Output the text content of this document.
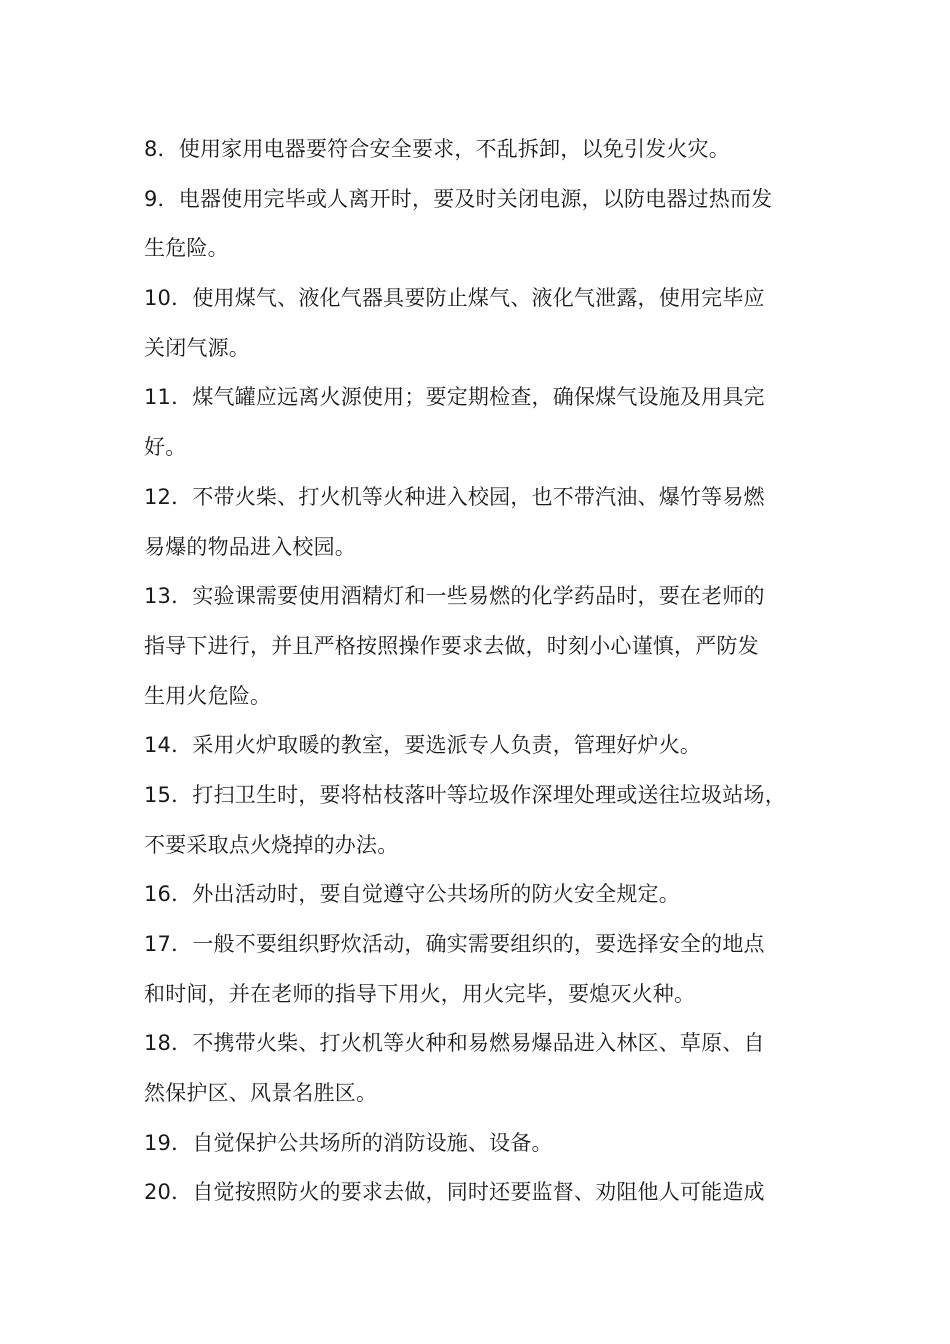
8．使用家用电器要符合安全要求，不乱拆卸，以免引发火灾。
9．电器使用完毕或人离开时，要及时关闭电源，以防电器过热而发
生危险。
10．使用煤气、液化气器具要防止煤气、液化气泄露，使用完毕应
关闭气源。
11．煤气罐应远离火源使用；要定期检查，确保煤气设施及用具完
好。
12．不带火柴、打火机等火种进入校园，也不带汽油、爆竹等易燃
易爆的物品进入校园。
13．实验课需要使用酒精灯和一些易燃的化学药品时，要在老师的
指导下进行，并且严格按照操作要求去做，时刻小心谨慎，严防发
生用火危险。
14．采用火炉取暖的教室，要选派专人负责，管理好炉火。
15．打扫卫生时，要将枯枝落叶等垃圾作深埋处理或送往垃圾站场，
不要采取点火烧掉的办法。
16．外出活动时，要自觉遵守公共场所的防火安全规定。
17．一般不要组织野炊活动，确实需要组织的，要选择安全的地点
和时间，并在老师的指导下用火，用火完毕，要熄灭火种。
18．不携带火柴、打火机等火种和易燃易爆品进入林区、草原、自
然保护区、风景名胜区。
19．自觉保护公共场所的消防设施、设备。
20．自觉按照防火的要求去做，同时还要监督、劝阻他人可能造成
